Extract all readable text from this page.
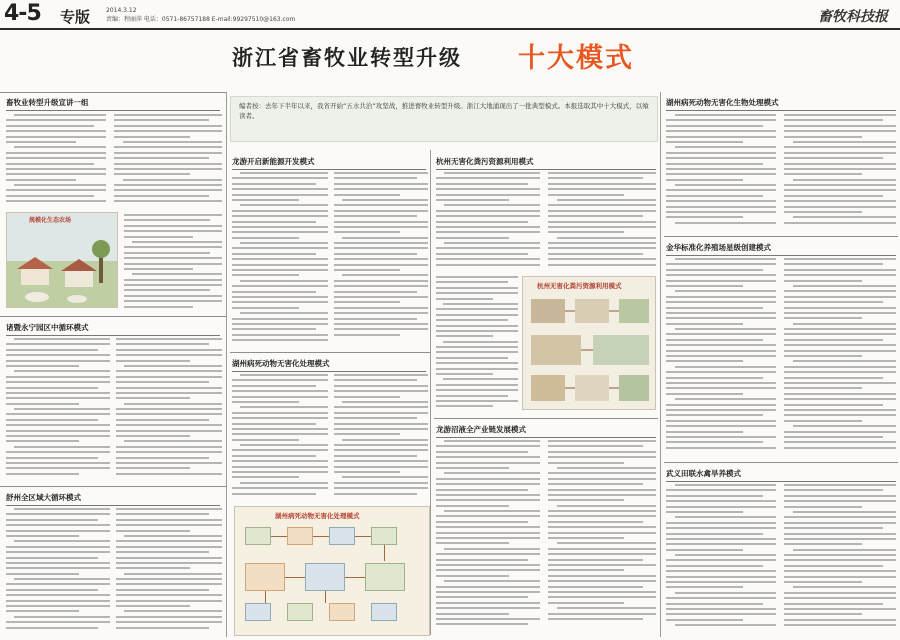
4-5 专版	2014.3.12
责编：程丽萍 电话：0571-86757188 E-mail:99297510@163.com	畜牧科技报
浙江省畜牧业转型升级 十大模式
编者按：去年下半年以来，我省开始“五水共治”攻坚战，推进畜牧业转型升级。浙江大地涌现出了一批典型模式。本报选取其中十大模式，以飨读者。
畜牧业转型升级宣讲一组
规模化生态农场
诸暨永宁园区中循环模式
舒州全区域大循环模式
龙游开启新能源开发模式
湖州病死动物无害化处理模式
湖州病死动物无害化处理模式
杭州无害化粪污资源利用模式
杭州无害化粪污资源利用模式
龙游沼液全产业链发展模式
湖州病死动物无害化生物处理模式
金华标准化养殖场星级创建模式
武义田联水禽旱养模式
